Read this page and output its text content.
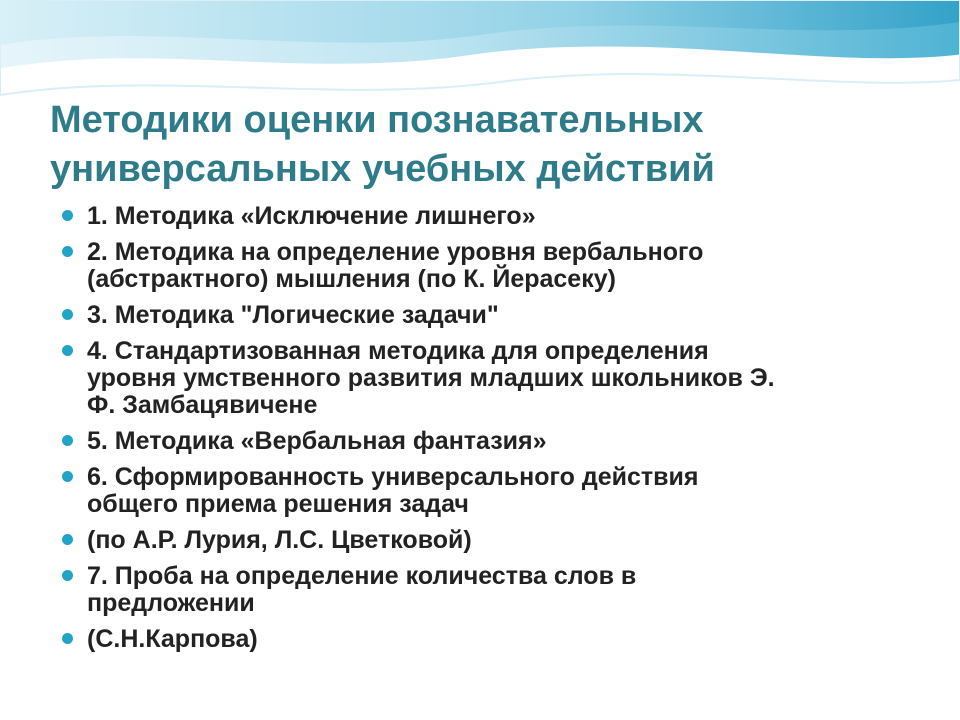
Методики оценки познавательных
универсальных учебных действий
1. Методика «Исключение лишнего»
2. Методика на определение уровня вербального
(абстрактного) мышления (по К. Йерасеку)
3. Методика "Логические задачи"
4. Стандартизованная методика для определения
уровня умственного развития младших школьников Э.
Ф. Замбацявичене
5. Методика «Вербальная фантазия»
6. Сформированность универсального действия
общего приема решения задач
(по А.Р. Лурия, Л.С. Цветковой)
7. Проба на определение количества слов в
предложении
(С.Н.Карпова)
